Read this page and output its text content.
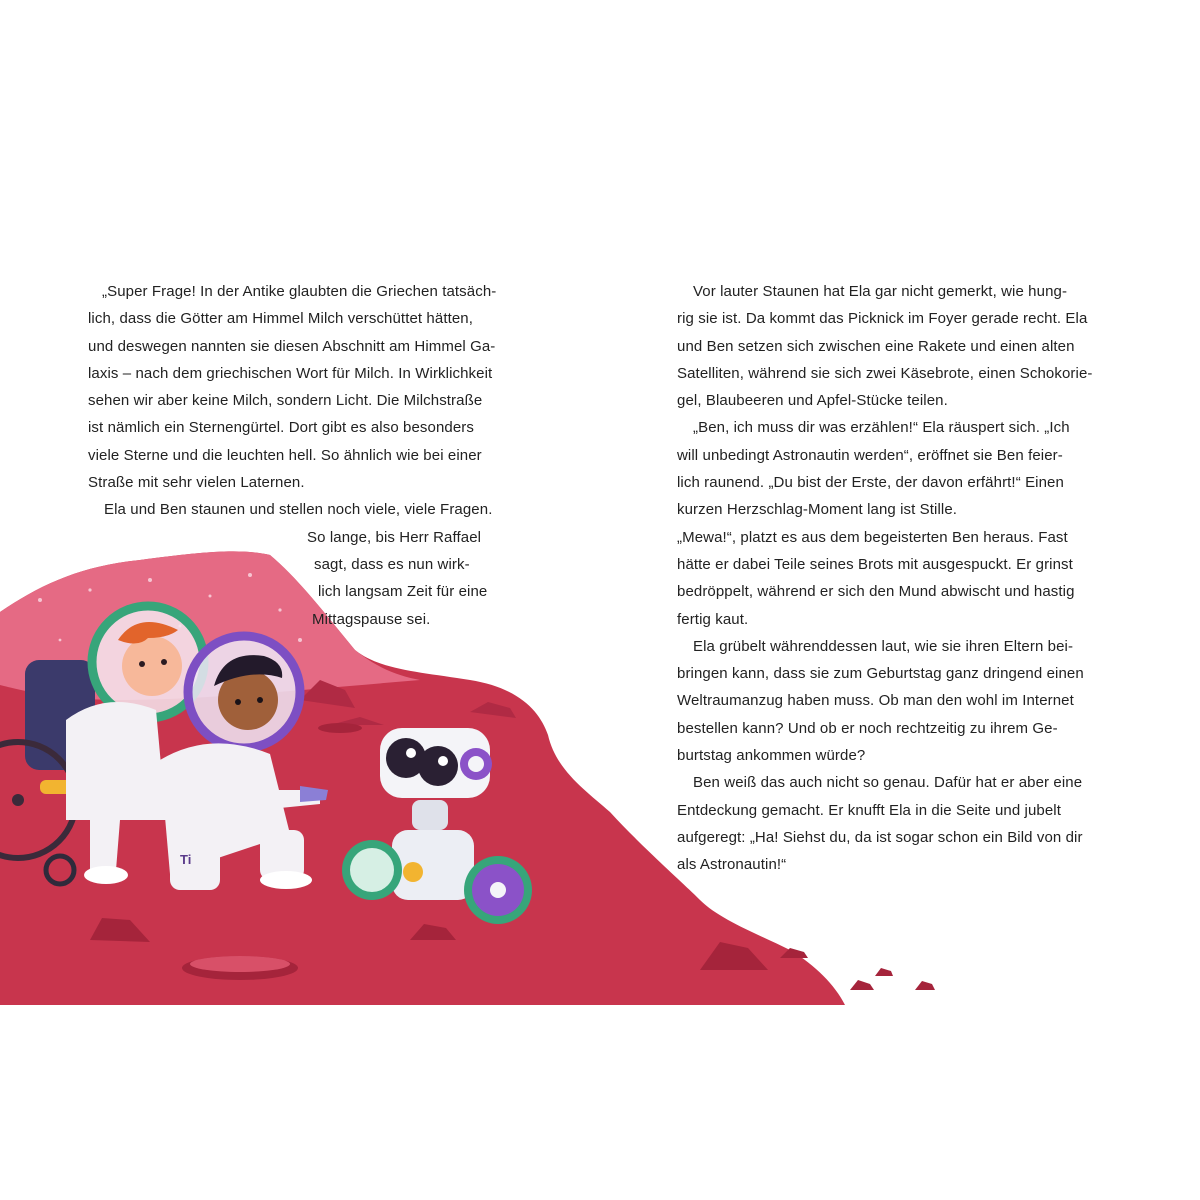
Ti
„Super Frage! In der Antike glaubten die Griechen tatsäch-
lich, dass die Götter am Himmel Milch verschüttet hätten,
und deswegen nannten sie diesen Abschnitt am Himmel Ga-
laxis – nach dem griechischen Wort für Milch. In Wirklichkeit
sehen wir aber keine Milch, sondern Licht. Die Milchstraße
ist nämlich ein Sternengürtel. Dort gibt es also besonders
viele Sterne und die leuchten hell. So ähnlich wie bei einer
Straße mit sehr vielen Laternen.
Ela und Ben staunen und stellen noch viele, viele Fragen.
So lange, bis Herr Raffael
sagt, dass es nun wirk-
lich langsam Zeit für eine
Mittagspause sei.
Vor lauter Staunen hat Ela gar nicht gemerkt, wie hung-
rig sie ist. Da kommt das Picknick im Foyer gerade recht. Ela
und Ben setzen sich zwischen eine Rakete und einen alten
Satelliten, während sie sich zwei Käsebrote, einen Schokorie-
gel, Blaubeeren und Apfel-Stücke teilen.
„Ben, ich muss dir was erzählen!“ Ela räuspert sich. „Ich
will unbedingt Astronautin werden“, eröffnet sie Ben feier-
lich raunend. „Du bist der Erste, der davon erfährt!“ Einen
kurzen Herzschlag-Moment lang ist Stille.
„Mewa!“, platzt es aus dem begeisterten Ben heraus. Fast
hätte er dabei Teile seines Brots mit ausgespuckt. Er grinst
bedröppelt, während er sich den Mund abwischt und hastig
fertig kaut.
Ela grübelt währenddessen laut, wie sie ihren Eltern bei-
bringen kann, dass sie zum Geburtstag ganz dringend einen
Weltraumanzug haben muss. Ob man den wohl im Internet
bestellen kann? Und ob er noch rechtzeitig zu ihrem Ge-
burtstag ankommen würde?
Ben weiß das auch nicht so genau. Dafür hat er aber eine
Entdeckung gemacht. Er knufft Ela in die Seite und jubelt
aufgeregt: „Ha! Siehst du, da ist sogar schon ein Bild von dir
als Astronautin!“
